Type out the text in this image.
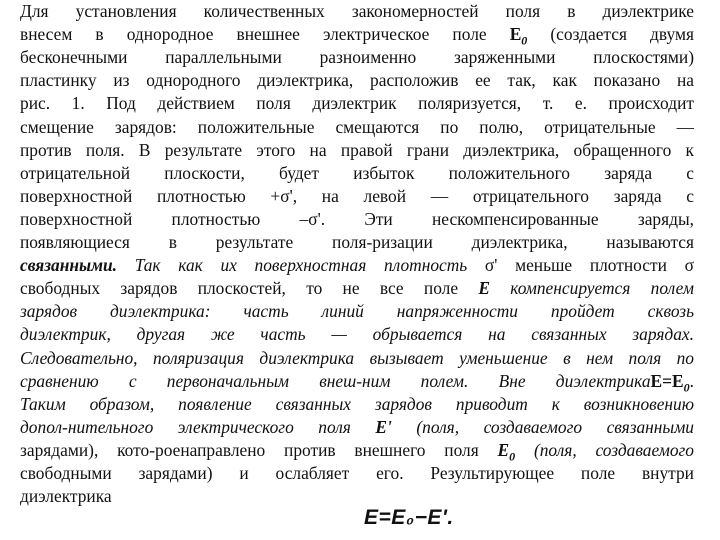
Для установления количественных закономерностей поля в диэлектрике
внесем в однородное внешнее электрическое поле $E_0$ (создается двумя
бесконечными параллельными разноименно заряженными плоскостями)
пластинку из однородного диэлектрика, расположив ее так, как показано на
рис. 1. Под действием поля диэлектрик поляризуется, т. е. происходит
смещение зарядов: положительные смещаются по полю, отрицательные —
против поля. В результате этого на правой грани диэлектрика, обращенного к
отрицательной плоскости, будет избыток положительного заряда с
поверхностной плотностью +σ', на левой — отрицательного заряда с
поверхностной плотностью –σ'. Эти нескомпенсированные заряды,
появляющиеся в результате поля-ризации диэлектрика, называются
связанными. Так как их поверхностная плотность σ' меньше плотности σ
свободных зарядов плоскостей, то не все поле E компенсируется полем
зарядов диэлектрика: часть линий напряженности пройдет сквозь
диэлектрик, другая же часть — обрывается на связанных зарядах.
Следовательно, поляризация диэлектрика вызывает уменьшение в нем поля по
сравнению с первоначальным внеш-ним полем. Вне $диэлектрикаE=E_0$.
Таким образом, появление связанных зарядов приводит к возникновению
допол-нительного электрического поля E' (поля, создаваемого связанными
зарядами), кото-роенаправлено против внешнего поля $E_0$ (поля, создаваемого
свободными зарядами) и ослабляет его. Результирующее поле внутри
диэлектрика
E=E₀−E'.
